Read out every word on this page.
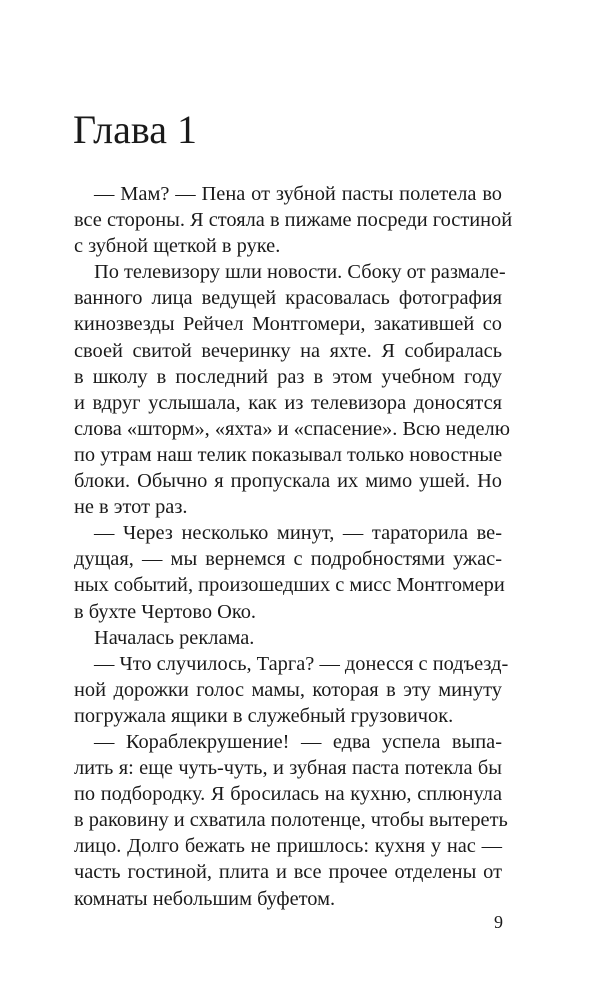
Глава 1
— Мам? — Пена от зубной пасты полетела во
все стороны. Я стояла в пижаме посреди гостиной
с зубной щеткой в руке.
По телевизору шли новости. Сбоку от размале-
ванного лица ведущей красовалась фотография
кинозвезды Рейчел Монтгомери, закатившей со
своей свитой вечеринку на яхте. Я собиралась
в школу в последний раз в этом учебном году
и вдруг услышала, как из телевизора доносятся
слова «шторм», «яхта» и «спасение». Всю неделю
по утрам наш телик показывал только новостные
блоки. Обычно я пропускала их мимо ушей. Но
не в этот раз.
— Через несколько минут, — тараторила ве-
дущая, — мы вернемся с подробностями ужас-
ных событий, произошедших с мисс Монтгомери
в бухте Чертово Око.
Началась реклама.
— Что случилось, Тарга? — донесся с подъезд-
ной дорожки голос мамы, которая в эту минуту
погружала ящики в служебный грузовичок.
— Кораблекрушение! — едва успела выпа-
лить я: еще чуть-чуть, и зубная паста потекла бы
по подбородку. Я бросилась на кухню, сплюнула
в раковину и схватила полотенце, чтобы вытереть
лицо. Долго бежать не пришлось: кухня у нас —
часть гостиной, плита и все прочее отделены от
комнаты небольшим буфетом.
9
